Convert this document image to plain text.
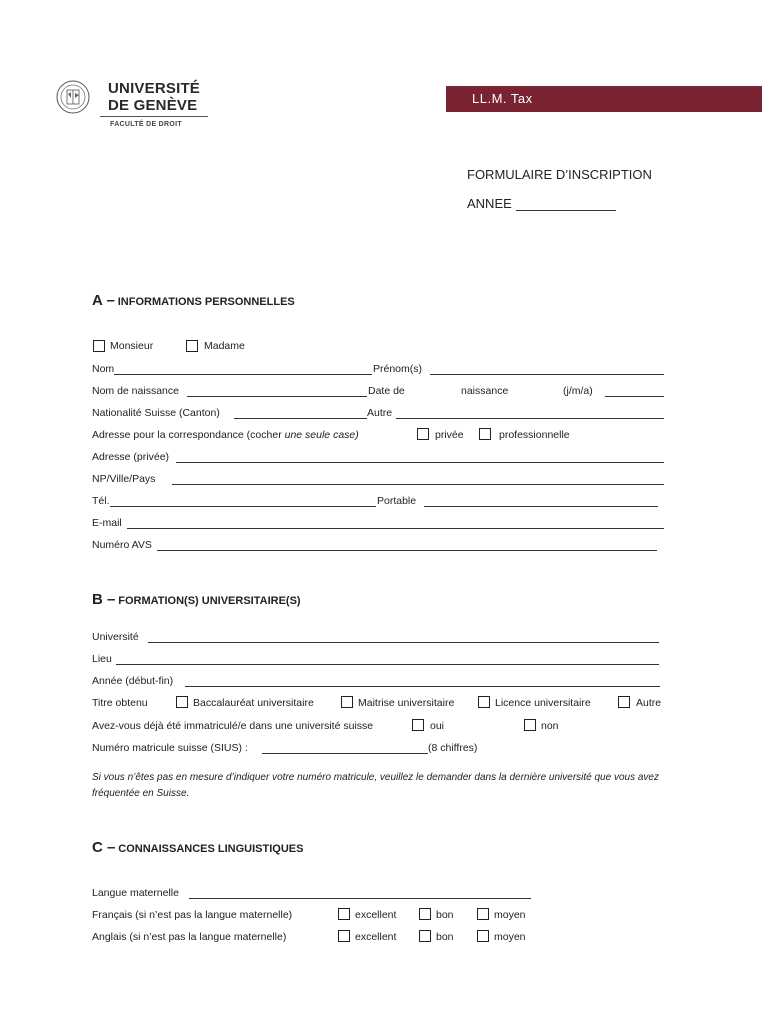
UNIVERSITÉ
DE GENÈVE
FACULTÉ DE DROIT
LL.M. Tax
FORMULAIRE D’INSCRIPTION
ANNEE
A – INFORMATIONS PERSONNELLES
Monsieur	Madame
Nom	Prénom(s)
Nom de naissance	Date de	naissance	(j/m/a)
Nationalité Suisse (Canton)	Autre
Adresse pour la correspondance (cocher une seule case)	privée	professionnelle
Adresse (privée)
NP/Ville/Pays
Tél.	Portable
E-mail
Numéro AVS
B – FORMATION(S) UNIVERSITAIRE(S)
Université
Lieu
Année (début-fin)
Titre obtenu	Baccalauréat universitaire	Maitrise universitaire	Licence universitaire	Autre
Avez-vous déjà été immatriculé/e dans une université suisse	oui	non
Numéro matricule suisse (SIUS) :	(8 chiffres)
Si vous n’êtes pas en mesure d’indiquer votre numéro matricule, veuillez le demander dans la dernière université que vous avez fréquentée en Suisse.
C – CONNAISSANCES LINGUISTIQUES
Langue maternelle
Français (si n’est pas la langue maternelle)	excellent	bon	moyen
Anglais (si n’est pas la langue maternelle)	excellent	bon	moyen
